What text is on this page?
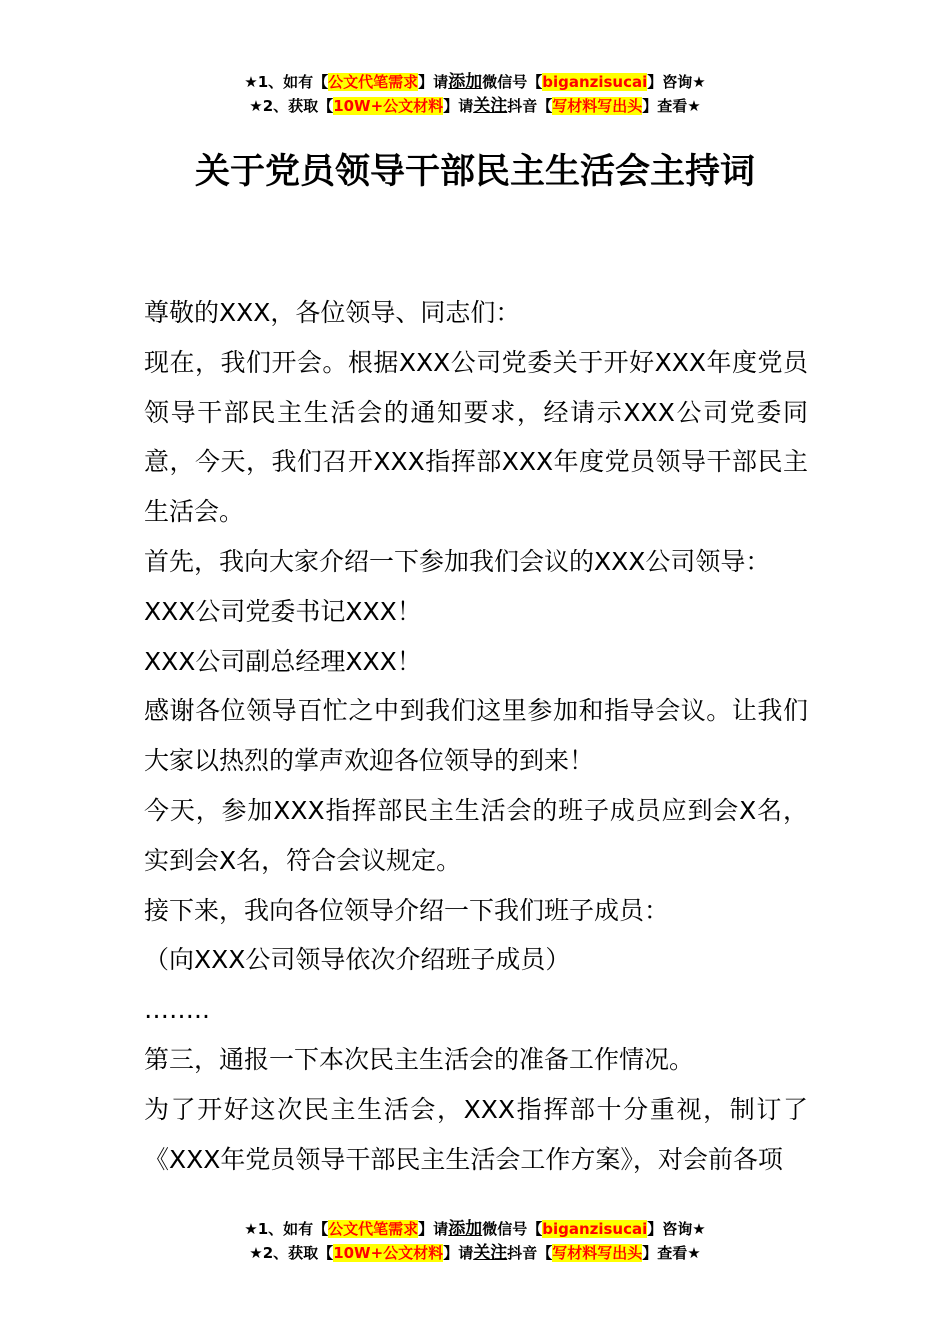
★1、如有【公文代笔需求】请添加微信号【biganzisucai】咨询★
★2、获取【10W+公文材料】请关注抖音【写材料写出头】查看★
关于党员领导干部民主生活会主持词

尊敬的XXX，各位领导、同志们：

现在，我们开会。根据XXX公司党委关于开好XXX年度党员领导干部民主生活会的通知要求，经请示XXX公司党委同意，今天，我们召开XXX指挥部XXX年度党员领导干部民主生活会。

首先，我向大家介绍一下参加我们会议的XXX公司领导：

XXX公司党委书记XXX！

XXX公司副总经理XXX！

感谢各位领导百忙之中到我们这里参加和指导会议。让我们大家以热烈的掌声欢迎各位领导的到来！

今天，参加XXX指挥部民主生活会的班子成员应到会X名，实到会X名，符合会议规定。

接下来，我向各位领导介绍一下我们班子成员：

（向XXX公司领导依次介绍班子成员）

……..

第三，通报一下本次民主生活会的准备工作情况。

为了开好这次民主生活会，XXX指挥部十分重视，制订了《XXX年党员领导干部民主生活会工作方案》，对会前各项

★1、如有【公文代笔需求】请添加微信号【biganzisucai】咨询★
★2、获取【10W+公文材料】请关注抖音【写材料写出头】查看★
